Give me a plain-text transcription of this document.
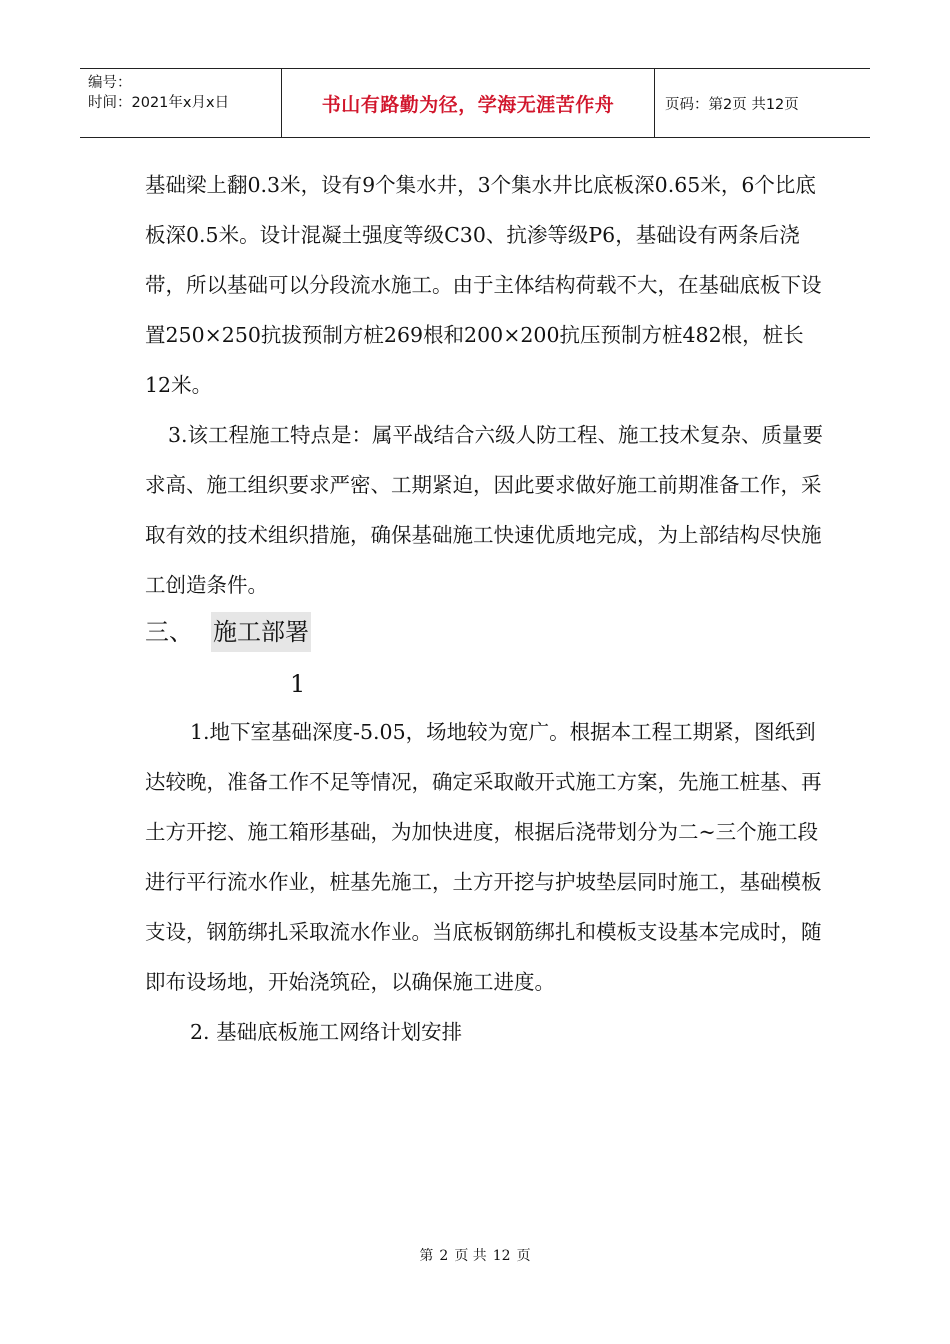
编号：
时间：2021年x月x日	书山有路勤为径，学海无涯苦作舟	页码：第2页 共12页

基础梁上翻0.3米，设有9个集水井，3个集水井比底板深0.65米，6个比底板深0.5米。设计混凝土强度等级C30、抗渗等级P6，基础设有两条后浇带，所以基础可以分段流水施工。由于主体结构荷载不大，在基础底板下设置250×250抗拔预制方桩269根和200×200抗压预制方桩482根，桩长12米。

3.该工程施工特点是：属平战结合六级人防工程、施工技术复杂、质量要求高、施工组织要求严密、工期紧迫，因此要求做好施工前期准备工作，采取有效的技术组织措施，确保基础施工快速优质地完成，为上部结构尽快施工创造条件。

三、 施工部署
1

1.地下室基础深度-5.05，场地较为宽广。根据本工程工期紧，图纸到达较晚，准备工作不足等情况，确定采取敞开式施工方案，先施工桩基、再土方开挖、施工箱形基础，为加快进度，根据后浇带划分为二~三个施工段进行平行流水作业，桩基先施工，土方开挖与护坡垫层同时施工，基础模板支设，钢筋绑扎采取流水作业。当底板钢筋绑扎和模板支设基本完成时，随即布设场地，开始浇筑砼，以确保施工进度。

2. 基础底板施工网络计划安排

第 2 页 共 12 页
